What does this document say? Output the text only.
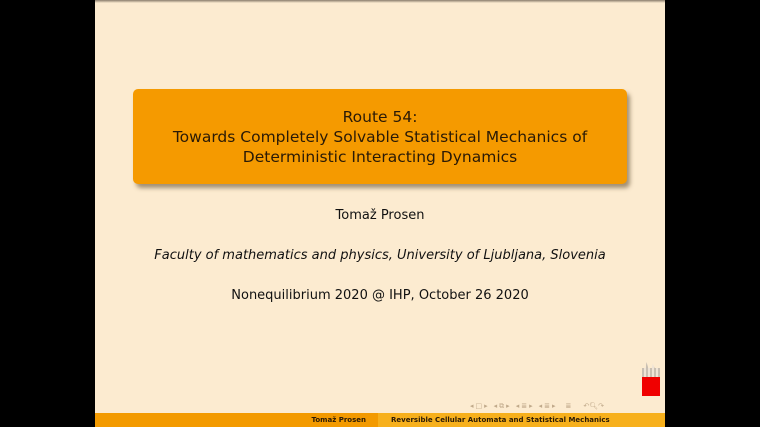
Route 54:
Towards Completely Solvable Statistical Mechanics of
Deterministic Interacting Dynamics
Tomaž Prosen
Faculty of mathematics and physics, University of Ljubljana, Slovenia
Nonequilibrium 2020 @ IHP, October 26 2020
◂ □ ▸ ◂ ⧉ ▸ ◂ ≣ ▸ ◂ ≣ ▸ ≣ ↶ 🔍︎ ↷
Tomaž Prosen	Reversible Cellular Automata and Statistical Mechanics
